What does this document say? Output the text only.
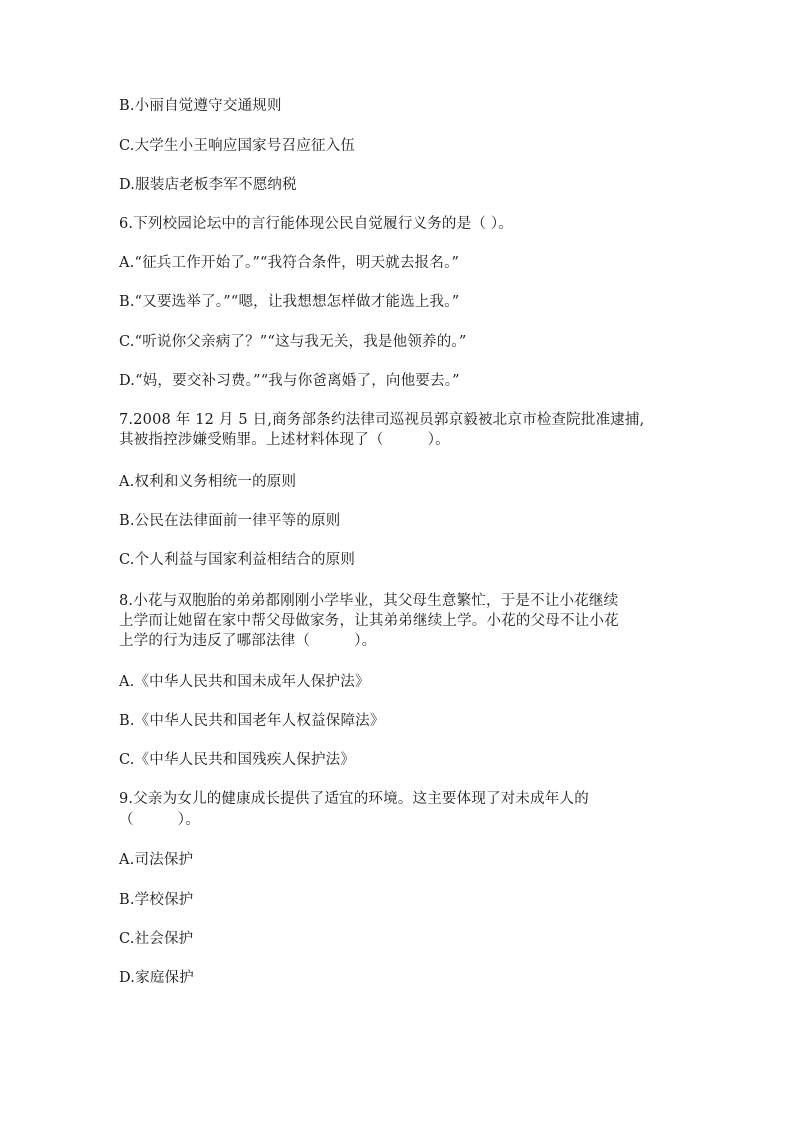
B.小丽自觉遵守交通规则
C.大学生小王响应国家号召应征入伍
D.服装店老板李军不愿纳税
6.下列校园论坛中的言行能体现公民自觉履行义务的是（ ）。
A.“征兵工作开始了。”“我符合条件，明天就去报名。”
B.“又要选举了。”“嗯，让我想想怎样做才能选上我。”
C.“听说你父亲病了？”“这与我无关，我是他领养的。”
D.“妈，要交补习费。”“我与你爸离婚了，向他要去。”
7.2008 年 12 月 5 日,商务部条约法律司巡视员郭京毅被北京市检查院批准逮捕,
其被指控涉嫌受贿罪。上述材料体现了（　　　）。
A.权利和义务相统一的原则
B.公民在法律面前一律平等的原则
C.个人利益与国家利益相结合的原则
8.小花与双胞胎的弟弟都刚刚小学毕业，其父母生意繁忙，于是不让小花继续
上学而让她留在家中帮父母做家务，让其弟弟继续上学。小花的父母不让小花
上学的行为违反了哪部法律（　　　）。
A.《中华人民共和国未成年人保护法》
B.《中华人民共和国老年人权益保障法》
C.《中华人民共和国残疾人保护法》
9.父亲为女儿的健康成长提供了适宜的环境。这主要体现了对未成年人的
（　　　）。
A.司法保护
B.学校保护
C.社会保护
D.家庭保护
